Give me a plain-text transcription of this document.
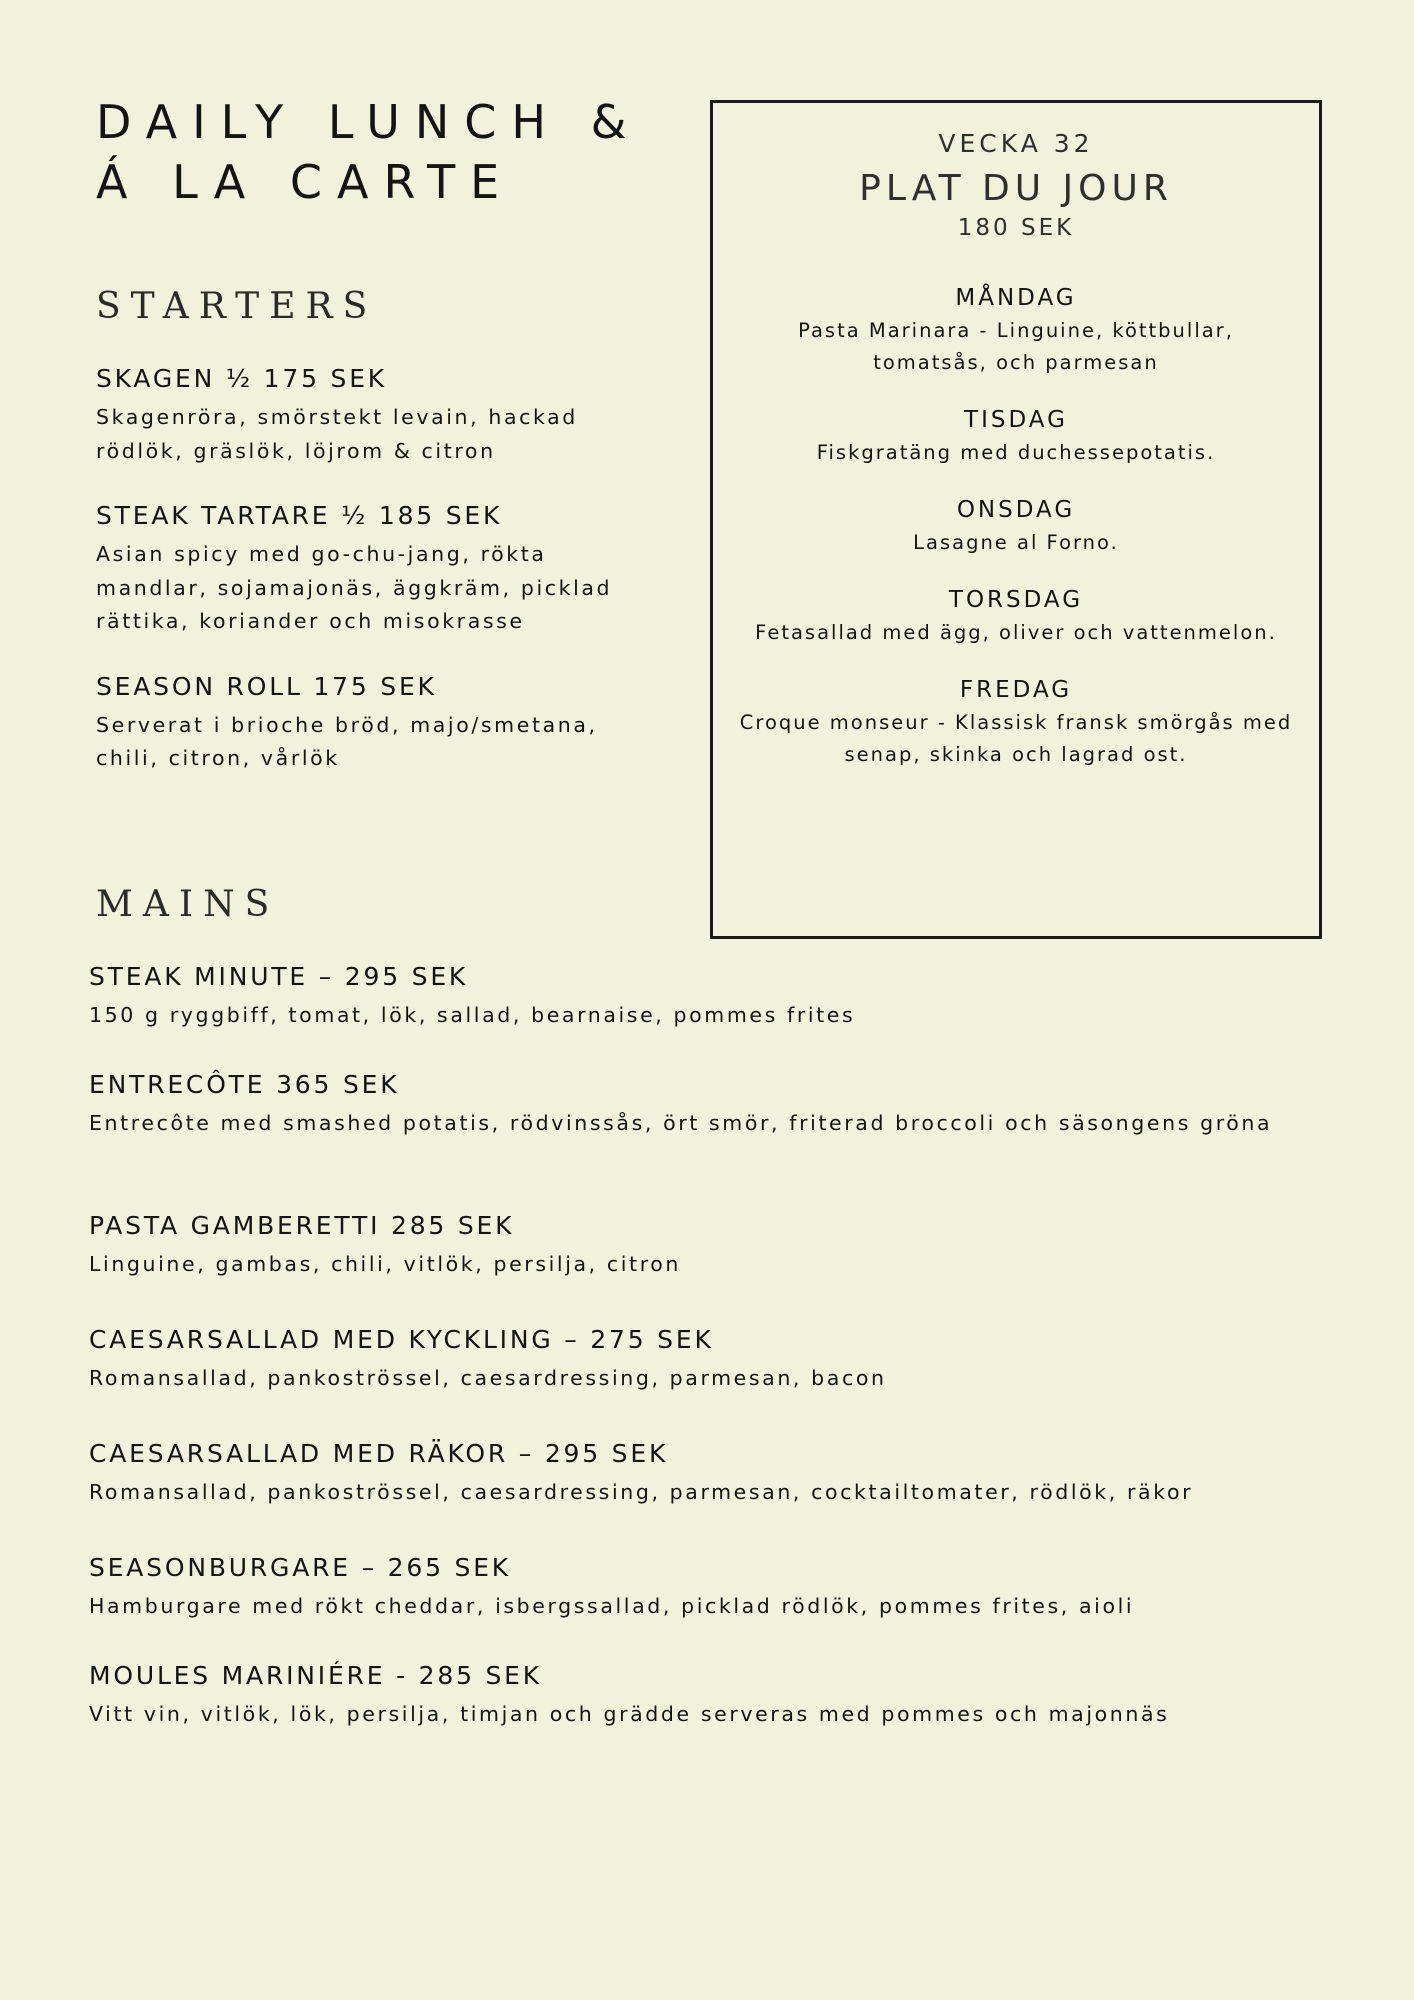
DAILY LUNCH &
Á LA CARTE
STARTERS
SKAGEN ½ 175 SEK

Skagenröra, smörstekt levain, hackad rödlök, gräslök, löjrom & citron

STEAK TARTARE ½ 185 SEK

Asian spicy med go-chu-jang, rökta mandlar, sojamajonäs, äggkräm, picklad rättika, koriander och misokrasse

SEASON ROLL 175 SEK

Serverat i brioche bröd, majo/smetana, chili, citron, vårlök

MAINS
STEAK MINUTE – 295 SEK

150 g ryggbiff, tomat, lök, sallad, bearnaise, pommes frites

ENTRECÔTE 365 SEK

Entrecôte med smashed potatis, rödvinssås, ört smör, friterad broccoli och säsongens gröna

PASTA GAMBERETTI 285 SEK

Linguine, gambas, chili, vitlök, persilja, citron

CAESARSALLAD MED KYCKLING – 275 SEK

Romansallad, pankoströssel, caesardressing, parmesan, bacon

CAESARSALLAD MED RÄKOR – 295 SEK

Romansallad, pankoströssel, caesardressing, parmesan, cocktailtomater, rödlök, räkor

SEASONBURGARE – 265 SEK

Hamburgare med rökt cheddar, isbergssallad, picklad rödlök, pommes frites, aioli

MOULES MARINIÉRE - 285 SEK

Vitt vin, vitlök, lök, persilja, timjan och grädde serveras med pommes och majonnäs

VECKA 32

PLAT DU JOUR

180 SEK

MÅNDAG

Pasta Marinara - Linguine, köttbullar, tomatsås, och parmesan

TISDAG

Fiskgratäng med duchessepotatis.

ONSDAG

Lasagne al Forno.

TORSDAG

Fetasallad med ägg, oliver och vattenmelon.

FREDAG

Croque monseur - Klassisk fransk smörgås med senap, skinka och lagrad ost.
